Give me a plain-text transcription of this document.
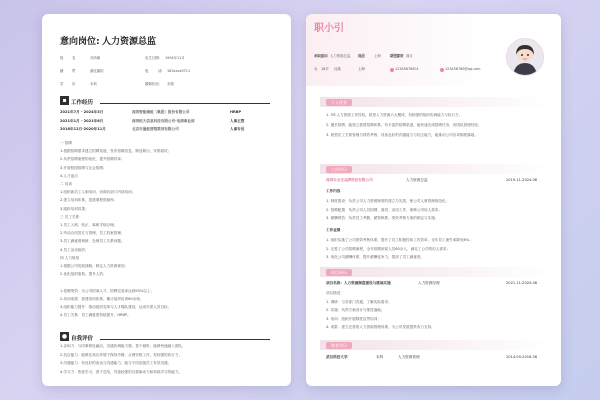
意向岗位: 人力资源总监
姓	名	苏尚喻	出生日期: 1994年11月
籍	贯	湖北襄阳	电	话: 183xxxx0711
学	历	本科	婚姻状况: 未婚
▪ 工作经历
2021年7月 - 2024年3月	深圳智能储能（集团）股份有限公司	HRBP
2021年1月 - 2021年6月	深圳恒大信息科技有限公司-电商事业部	人事主管
2018年12月-2020年11月	北京市量能营销策划有限公司	人事专员
一 招聘
1.根据招聘需求建立招聘渠道，发布招聘信息，筛选简历，安排面试；
2.负责招聘流程的优化，提升招聘效率；
3.开展校园招聘与社会招聘；
4.人才盘点
二 培训
1.组织新员工入职培训，协调各部门内部培训；
2.建立培训体系，搭建课程资源库；
3.跟踪培训效果；
三 员工关系
1.员工入职、转正、离职手续办理；
2.劳动合同签订与管理，员工档案管理；
3.员工满意度调研，处理员工关系问题；
4.员工活动组织；
四 人力规划
1.根据公司发展战略，制定人力资源规划；
2.优化组织架构，提升人效；
1.招聘绩效：为公司招募人才，招聘完成率达到95%以上；
2.培训成果：搭建培训体系，累计组织培训60余场；
3.组织能力提升：推动组织变革与人才梯队建设，达成年度人效目标；
4.员工关系：员工满意度持续提升，HRBP。
● 自我评价
1.亲和力：与同事相处融洽，沟通协调能力强，善于倾听，能够快速融入团队；
2.抗压能力：能够在高压环境下保持冷静，合理安排工作，有较强的执行力；
3.沟通能力：有良好的表达与沟通能力，能与不同层级员工有效沟通；
4.学习力：热爱学习，善于总结，具备较强的自我驱动力和持续学习的能力。
职小引
求职意向 人力资源总监 现居	上海	期望薪资 面议
女 18岁 汉族	上海	12345678901	123456789@qq.com
个人优势
1. 5年人力资源工作经验，熟悉人力资源六大模块，有较强的组织协调能力与执行力；
2. 擅长招聘，能独立搭建招聘体系，有丰富的招聘渠道，能快速完成招聘任务，有团队管理经验；
3. 熟悉员工关系管理与绩效考核，具备良好的沟通能力与抗压能力，能推动公司各项制度落地。
工作经历
深圳市点光品牌科技有限公司	人力资源总监	2019.11-2024.06
工作内容
1. 制度建设：负责公司人力资源制度的建立与完善，使公司人事管理规范化；
2. 招聘配置：负责公司人员招聘、面试、录用工作，保障公司用人需求；
3. 薪酬绩效：负责员工考勤、薪资核算、绩效考核方案的制定与实施；
工作业绩
1. 组织实施了公司绩效考核体系，提升了员工积极性和工作效率，全年员工流失率降至8%；
2. 完善了公司招聘流程，全年招聘到岗人员60余人，满足了公司的用人需求；
3. 优化公司薪酬体系，提升薪酬竞争力，提高了员工满意度。
项目经历
项目名称：人力资源制度建设与落地实施	人力资源经理	2021.11-2024.06
项目描述：
1. 调研：与各部门沟通，了解实际需求；
2. 实施：负责方案设计与推进落地；
3. 培训：组织开展制度宣贯培训；
4. 成果：建立完善的人力资源管理体系，为公司发展提供有力支持。
教育经历
武汉科技大学	本科	人力资源管理	2014.09-2018.06
